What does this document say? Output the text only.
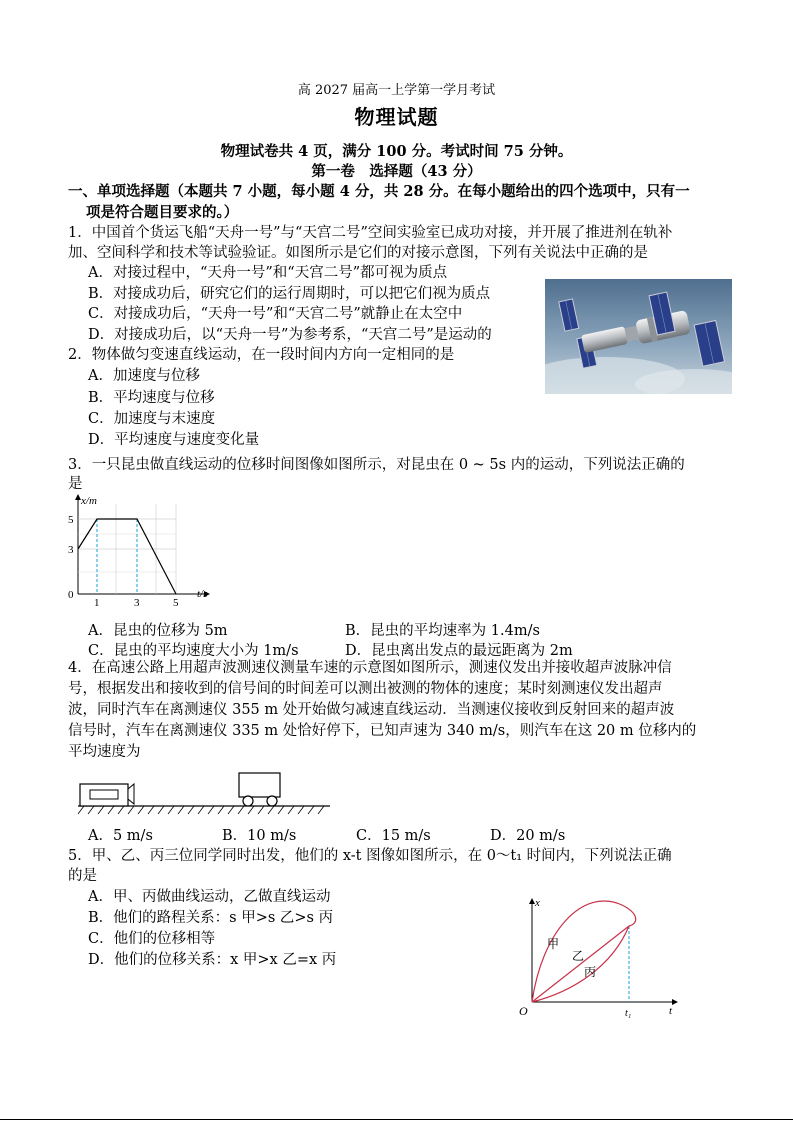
高 2027 届高一上学第一学月考试
物理试题
物理试卷共 4 页，满分 100 分。考试时间 75 分钟。
第一卷　选择题（43 分）
一、单项选择题（本题共 7 小题，每小题 4 分，共 28 分。在每小题给出的四个选项中，只有一
项是符合题目要求的。）
1．中国首个货运飞船“天舟一号”与“天宫二号”空间实验室已成功对接，并开展了推进剂在轨补
加、空间科学和技术等试验验证。如图所示是它们的对接示意图，下列有关说法中正确的是
A．对接过程中，“天舟一号”和“天宫二号”都可视为质点
B．对接成功后，研究它们的运行周期时，可以把它们视为质点
C．对接成功后，“天舟一号”和“天宫二号”就静止在太空中
D．对接成功后，以“天舟一号”为参考系，“天宫二号”是运动的
2．物体做匀变速直线运动，在一段时间内方向一定相同的是
A．加速度与位移
B．平均速度与位移
C．加速度与末速度
D．平均速度与速度变化量
3．一只昆虫做直线运动的位移时间图像如图所示，对昆虫在 0 ~ 5s 内的运动，下列说法正确的
是
x/m
t/s
0
5
3
1	3	5
A．昆虫的位移为 5m	B．昆虫的平均速率为 1.4m/s
C．昆虫的平均速度大小为 1m/s	D．昆虫离出发点的最远距离为 2m
4．在高速公路上用超声波测速仪测量车速的示意图如图所示，测速仪发出并接收超声波脉冲信
号，根据发出和接收到的信号间的时间差可以测出被测的物体的速度；某时刻测速仪发出超声
波，同时汽车在离测速仪 355 m 处开始做匀减速直线运动．当测速仪接收到反射回来的超声波
信号时，汽车在离测速仪 335 m 处恰好停下，已知声速为 340 m/s，则汽车在这 20 m 位移内的
平均速度为
A．5 m/s	B．10 m/s	C．15 m/s	D．20 m/s
5．甲、乙、丙三位同学同时出发，他们的 x-t 图像如图所示，在 0～t₁ 时间内，下列说法正确
的是
A．甲、丙做曲线运动，乙做直线运动
B．他们的路程关系：s 甲>s 乙>s 丙
C．他们的位移相等
D．他们的位移关系：x 甲>x 乙=x 丙
x
t
O	t₁
甲
乙
丙
